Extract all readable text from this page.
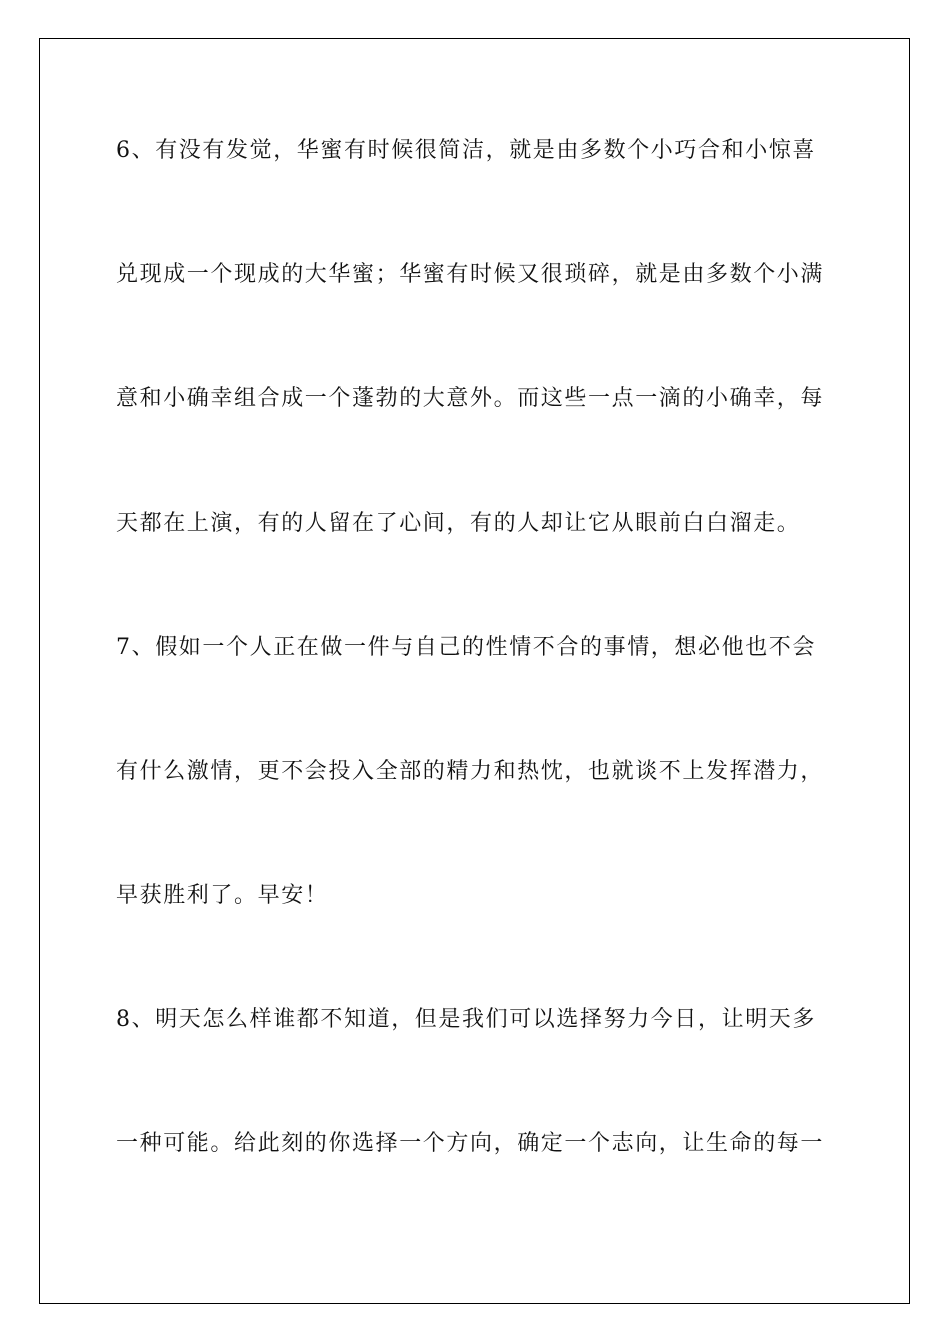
6、有没有发觉，华蜜有时候很简洁，就是由多数个小巧合和小惊喜
兑现成一个现成的大华蜜；华蜜有时候又很琐碎，就是由多数个小满
意和小确幸组合成一个蓬勃的大意外。而这些一点一滴的小确幸，每
天都在上演，有的人留在了心间，有的人却让它从眼前白白溜走。
7、假如一个人正在做一件与自己的性情不合的事情，想必他也不会
有什么激情，更不会投入全部的精力和热忱，也就谈不上发挥潜力，
早获胜利了。早安！
8、明天怎么样谁都不知道，但是我们可以选择努力今日，让明天多
一种可能。给此刻的你选择一个方向，确定一个志向，让生命的每一
